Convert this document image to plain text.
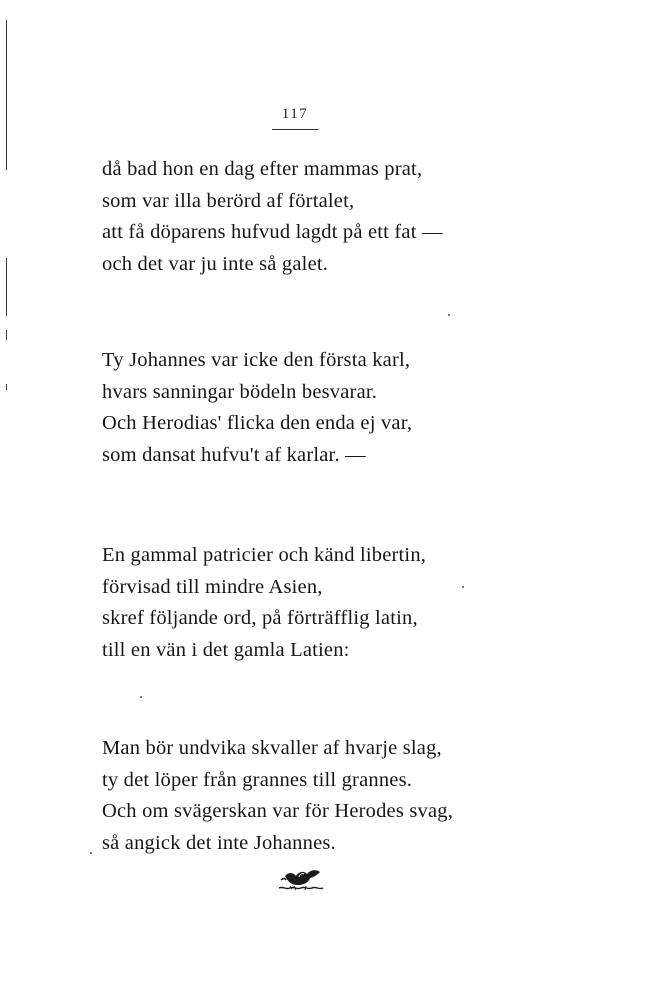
117
då bad hon en dag efter mammas prat,
som var illa berörd af förtalet,
att få döparens hufvud lagdt på ett fat —
och det var ju inte så galet.
Ty Johannes var icke den första karl,
hvars sanningar bödeln besvarar.
Och Herodias' flicka den enda ej var,
som dansat hufvu't af karlar. —
En gammal patricier och känd libertin,
förvisad till mindre Asien,
skref följande ord, på förträfflig latin,
till en vän i det gamla Latien:
Man bör undvika skvaller af hvarje slag,
ty det löper från grannes till grannes.
Och om svägerskan var för Herodes svag,
så angick det inte Johannes.
